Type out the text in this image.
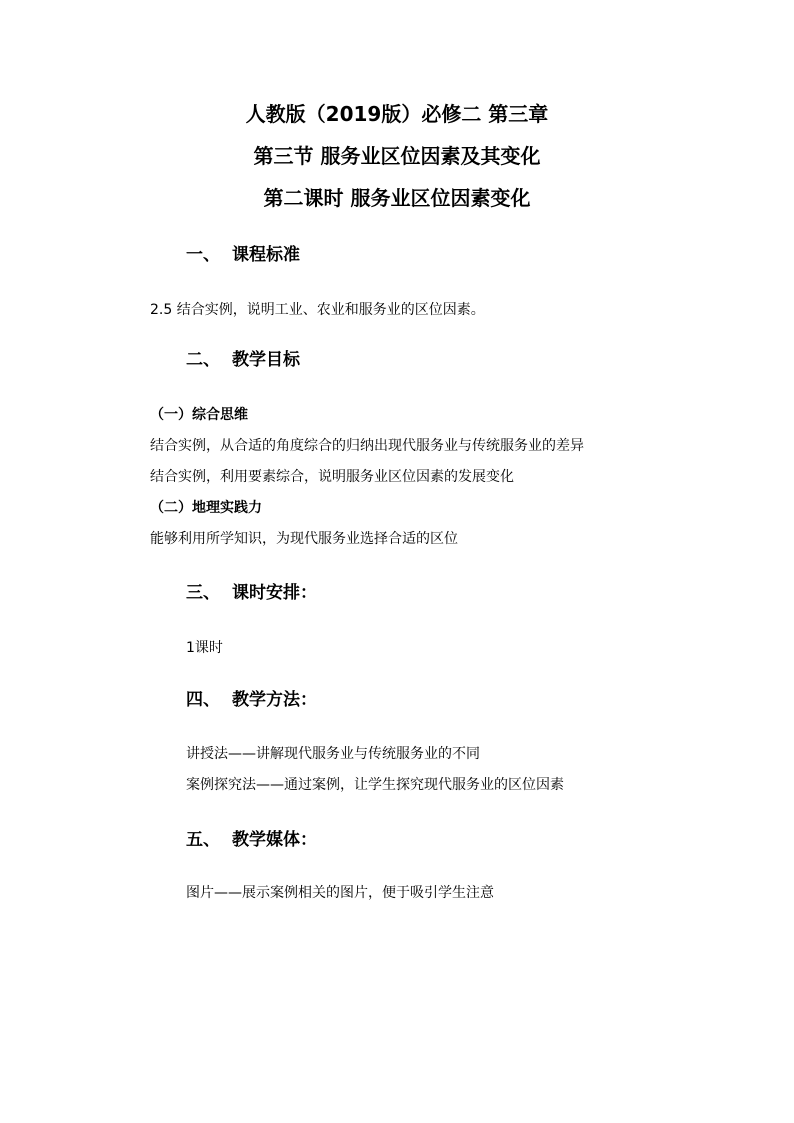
人教版（2019版）必修二 第三章
第三节 服务业区位因素及其变化
第二课时 服务业区位因素变化
一、 课程标准
2.5 结合实例，说明工业、农业和服务业的区位因素。
二、 教学目标
（一）综合思维
结合实例，从合适的角度综合的归纳出现代服务业与传统服务业的差异
结合实例，利用要素综合，说明服务业区位因素的发展变化
（二）地理实践力
能够利用所学知识，为现代服务业选择合适的区位
三、 课时安排：
1课时
四、 教学方法：
讲授法——讲解现代服务业与传统服务业的不同
案例探究法——通过案例，让学生探究现代服务业的区位因素
五、 教学媒体：
图片——展示案例相关的图片，便于吸引学生注意
